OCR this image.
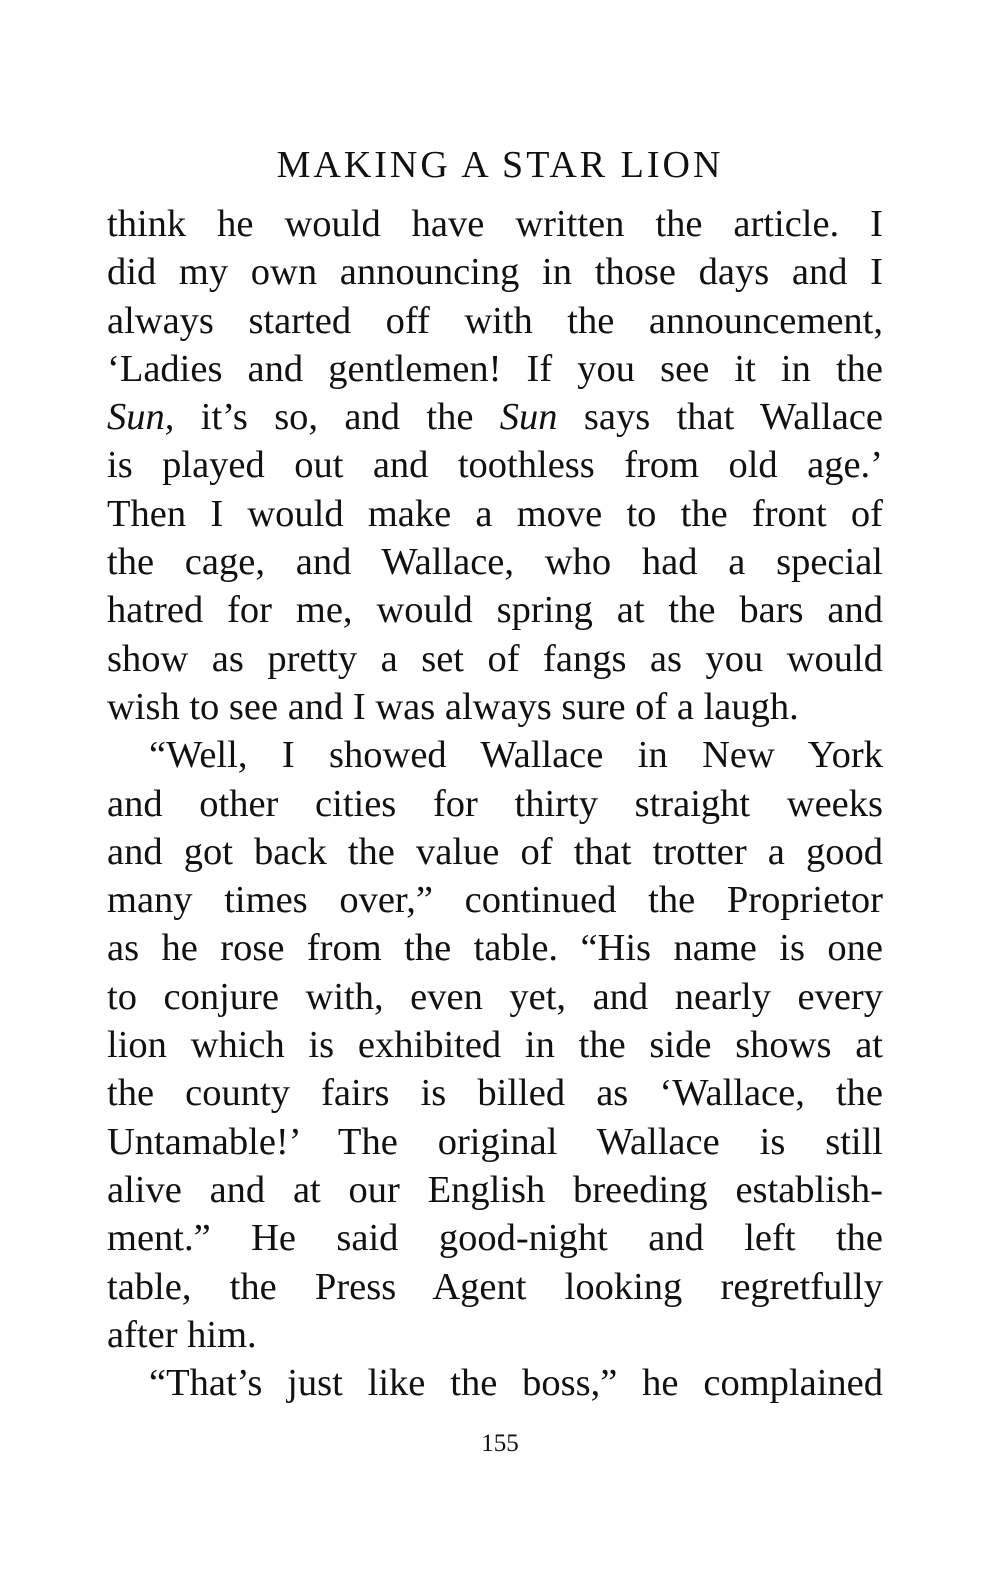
MAKING A STAR LION
think he would have written the article. I
did my own announcing in those days and I
always started off with the announcement,
‘Ladies and gentlemen! If you see it in the
Sun, it’s so, and the Sun says that Wallace
is played out and toothless from old age.’
Then I would make a move to the front of
the cage, and Wallace, who had a special
hatred for me, would spring at the bars and
show as pretty a set of fangs as you would
wish to see and I was always sure of a laugh.
“Well, I showed Wallace in New York
and other cities for thirty straight weeks
and got back the value of that trotter a good
many times over,” continued the Proprietor
as he rose from the table. “His name is one
to conjure with, even yet, and nearly every
lion which is exhibited in the side shows at
the county fairs is billed as ‘Wallace, the
Untamable!’ The original Wallace is still
alive and at our English breeding establish-
ment.” He said good-night and left the
table, the Press Agent looking regretfully
after him.
“That’s just like the boss,” he complained
155
